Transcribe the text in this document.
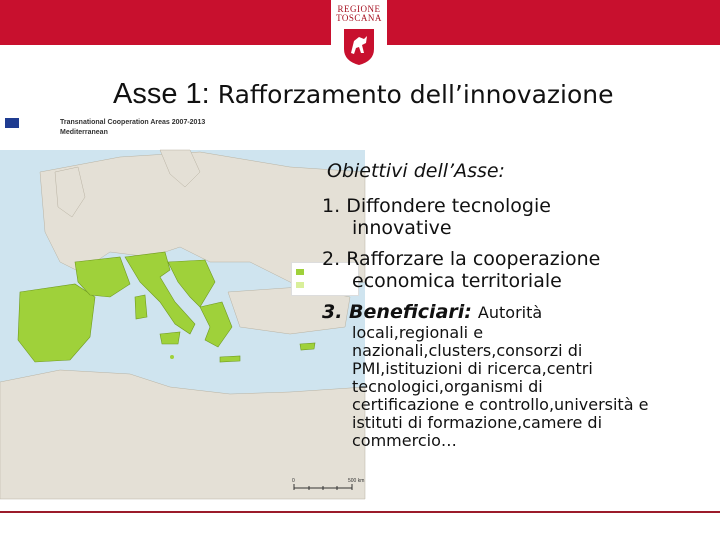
REGIONE
TOSCANA
Asse 1: Rafforzamento dell’innovazione
Transnational Cooperation Areas 2007-2013
Mediterranean
0	500 km
Obiettivi dell’Asse:
1. Diffondere tecnologie
innovative
2. Rafforzare la cooperazione
economica territoriale
3. Beneficiari: Autorità
locali,regionali e
nazionali,clusters,consorzi di
PMI,istituzioni di ricerca,centri
tecnologici,organismi di
certificazione e controllo,università e
istituti di formazione,camere di
commercio…
